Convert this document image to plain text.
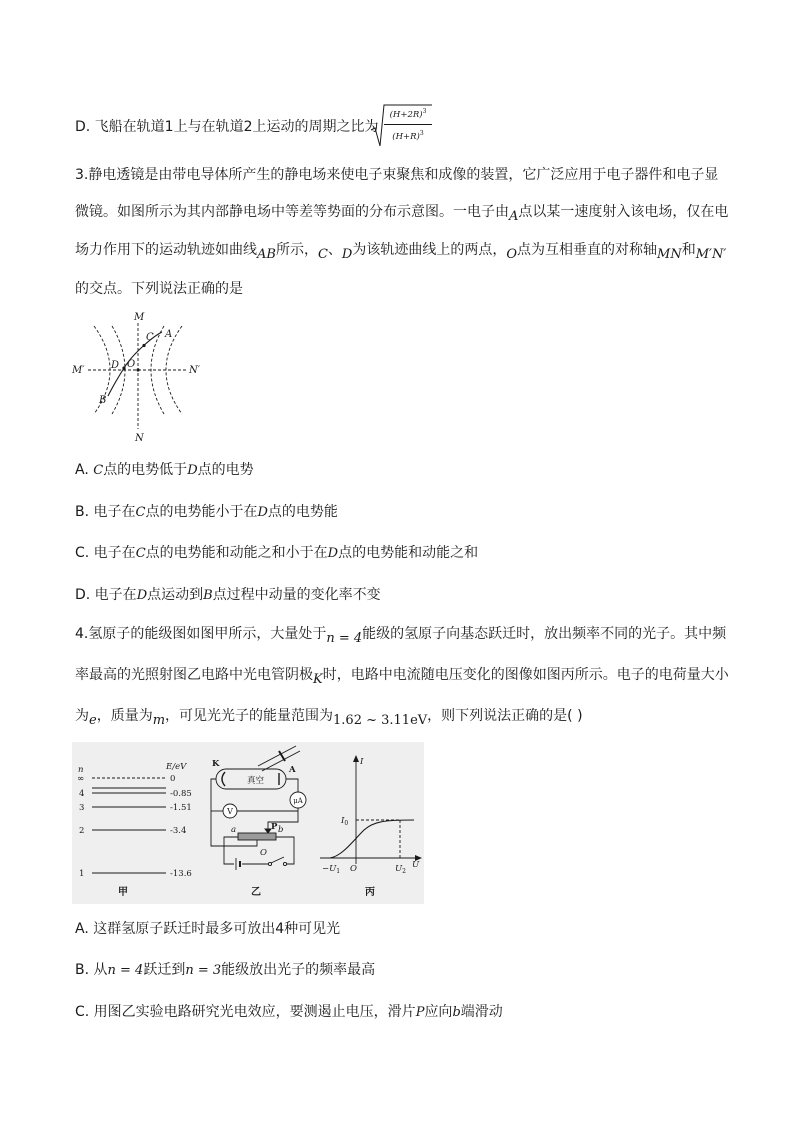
D. 飞船在轨道1上与在轨道2上运动的周期之比为
$(H+2R)^3$
$(H+R)^3$
3.静电透镜是由带电导体所产生的静电场来使电子束聚焦和成像的装置，它广泛应用于电子器件和电子显
微镜。如图所示为其内部静电场中等差等势面的分布示意图。一电子由A点以某一速度射入该电场，仅在电
场力作用下的运动轨迹如曲线AB所示，C、D为该轨迹曲线上的两点，O点为互相垂直的对称轴MN和M′N′
的交点。下列说法正确的是
M
N
M′	N′
C A
D O
B
A. C点的电势低于D点的电势
B. 电子在C点的电势能小于在D点的电势能
C. 电子在C点的电势能和动能之和小于在D点的电势能和动能之和
D. 电子在D点运动到B点过程中动量的变化率不变
4.氢原子的能级图如图甲所示，大量处于n = 4能级的氢原子向基态跃迁时，放出频率不同的光子。其中频
率最高的光照射图乙电路中光电管阴极K时，电路中电流随电压变化的图像如图丙所示。电子的电荷量大小
为e，质量为m，可见光光子的能量范围为1.62 ~ 3.11eV，则下列说法正确的是( )
n	E/eV
∞	0
4	-0.85
3	-1.51
2	-3.4
1	-13.6
甲
K
真空
A
μA
V
P
a	b
O
乙
I
$I_0$
$-U_1$ O	$U_2$
U
丙
A. 这群氢原子跃迁时最多可放出4种可见光
B. 从n = 4跃迁到n = 3能级放出光子的频率最高
C. 用图乙实验电路研究光电效应，要测遏止电压，滑片P应向b端滑动
